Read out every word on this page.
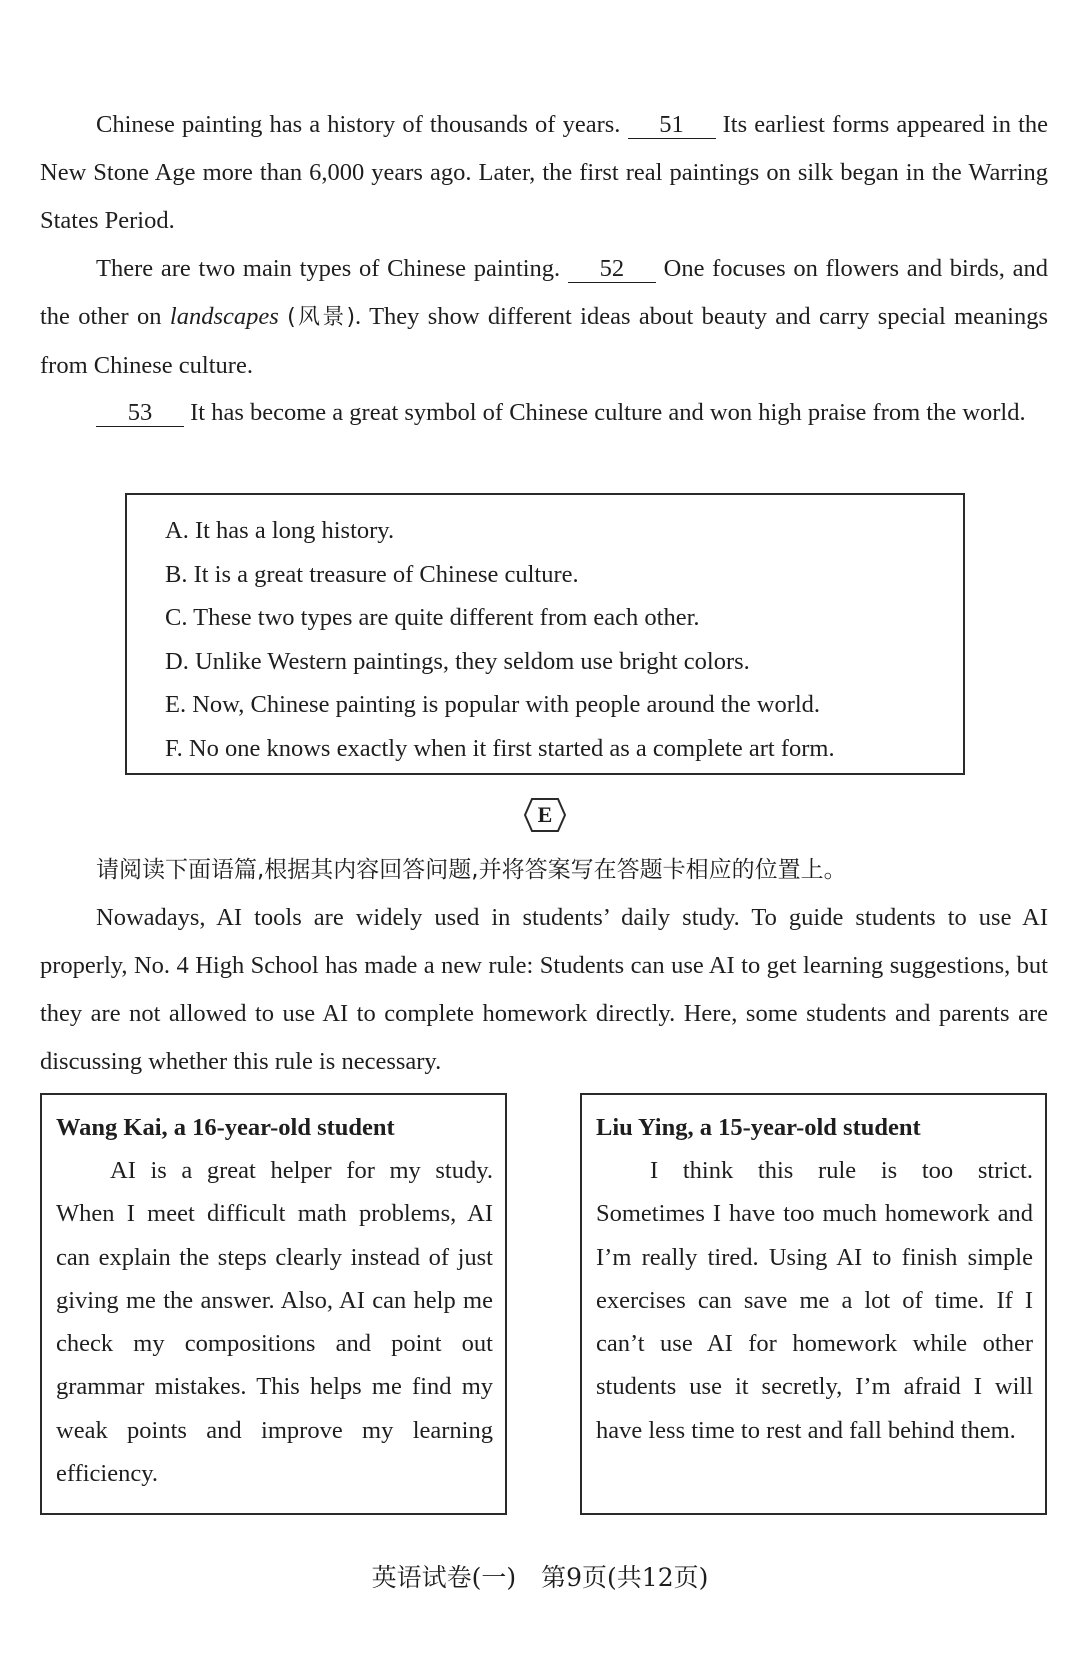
Chinese painting has a history of thousands of years. 51 Its earliest forms appeared in the New Stone Age more than 6,000 years ago. Later, the first real paintings on silk began in the Warring States Period.

There are two main types of Chinese painting. 52 One focuses on flowers and birds, and the other on landscapes (风景). They show different ideas about beauty and carry special meanings from Chinese culture.

53 It has become a great symbol of Chinese culture and won high praise from the world.

A. It has a long history.

B. It is a great treasure of Chinese culture.

C. These two types are quite different from each other.

D. Unlike Western paintings, they seldom use bright colors.

E. Now, Chinese painting is popular with people around the world.

F. No one knows exactly when it first started as a complete art form.

E
请阅读下面语篇,根据其内容回答问题,并将答案写在答题卡相应的位置上。

Nowadays, AI tools are widely used in students’ daily study. To guide students to use AI properly, No. 4 High School has made a new rule: Students can use AI to get learning suggestions, but they are not allowed to use AI to complete homework directly. Here, some students and parents are discussing whether this rule is necessary.

Wang Kai, a 16-year-old student

AI is a great helper for my study. When I meet difficult math problems, AI can explain the steps clearly instead of just giving me the answer. Also, AI can help me check my compositions and point out grammar mistakes. This helps me find my weak points and improve my learning efficiency.

Liu Ying, a 15-year-old student

I think this rule is too strict. Sometimes I have too much homework and I’m really tired. Using AI to finish simple exercises can save me a lot of time. If I can’t use AI for homework while other students use it secretly, I’m afraid I will have less time to rest and fall behind them.

英语试卷(一)　第9页(共12页)
